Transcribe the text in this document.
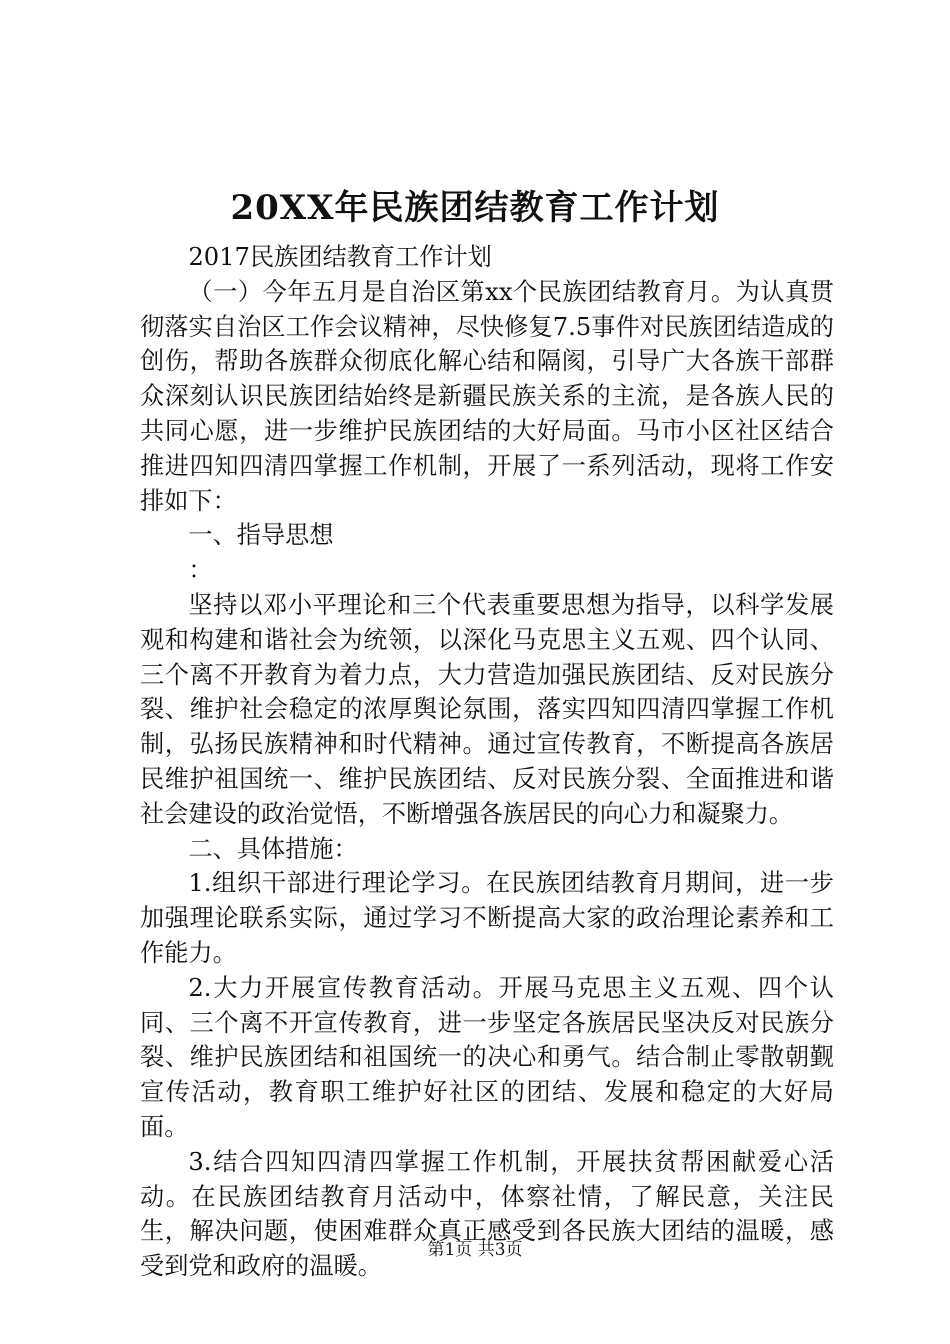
20XX年民族团结教育工作计划

2017民族团结教育工作计划

（一）今年五月是自治区第xx个民族团结教育月。为认真贯彻落实自治区工作会议精神，尽快修复7.5事件对民族团结造成的创伤，帮助各族群众彻底化解心结和隔阂，引导广大各族干部群众深刻认识民族团结始终是新疆民族关系的主流，是各族人民的共同心愿，进一步维护民族团结的大好局面。马市小区社区结合推进四知四清四掌握工作机制，开展了一系列活动，现将工作安排如下：

一、指导思想

：

坚持以邓小平理论和三个代表重要思想为指导，以科学发展观和构建和谐社会为统领，以深化马克思主义五观、四个认同、三个离不开教育为着力点，大力营造加强民族团结、反对民族分裂、维护社会稳定的浓厚舆论氛围，落实四知四清四掌握工作机制，弘扬民族精神和时代精神。通过宣传教育，不断提高各族居民维护祖国统一、维护民族团结、反对民族分裂、全面推进和谐社会建设的政治觉悟，不断增强各族居民的向心力和凝聚力。

二、具体措施：

1.组织干部进行理论学习。在民族团结教育月期间，进一步加强理论联系实际，通过学习不断提高大家的政治理论素养和工作能力。

2.大力开展宣传教育活动。开展马克思主义五观、四个认同、三个离不开宣传教育，进一步坚定各族居民坚决反对民族分裂、维护民族团结和祖国统一的决心和勇气。结合制止零散朝觐宣传活动，教育职工维护好社区的团结、发展和稳定的大好局面。

3.结合四知四清四掌握工作机制，开展扶贫帮困献爱心活动。在民族团结教育月活动中，体察社情，了解民意，关注民生，解决问题，使困难群众真正感受到各民族大团结的温暖，感受到党和政府的温暖。

第1页 共3页
